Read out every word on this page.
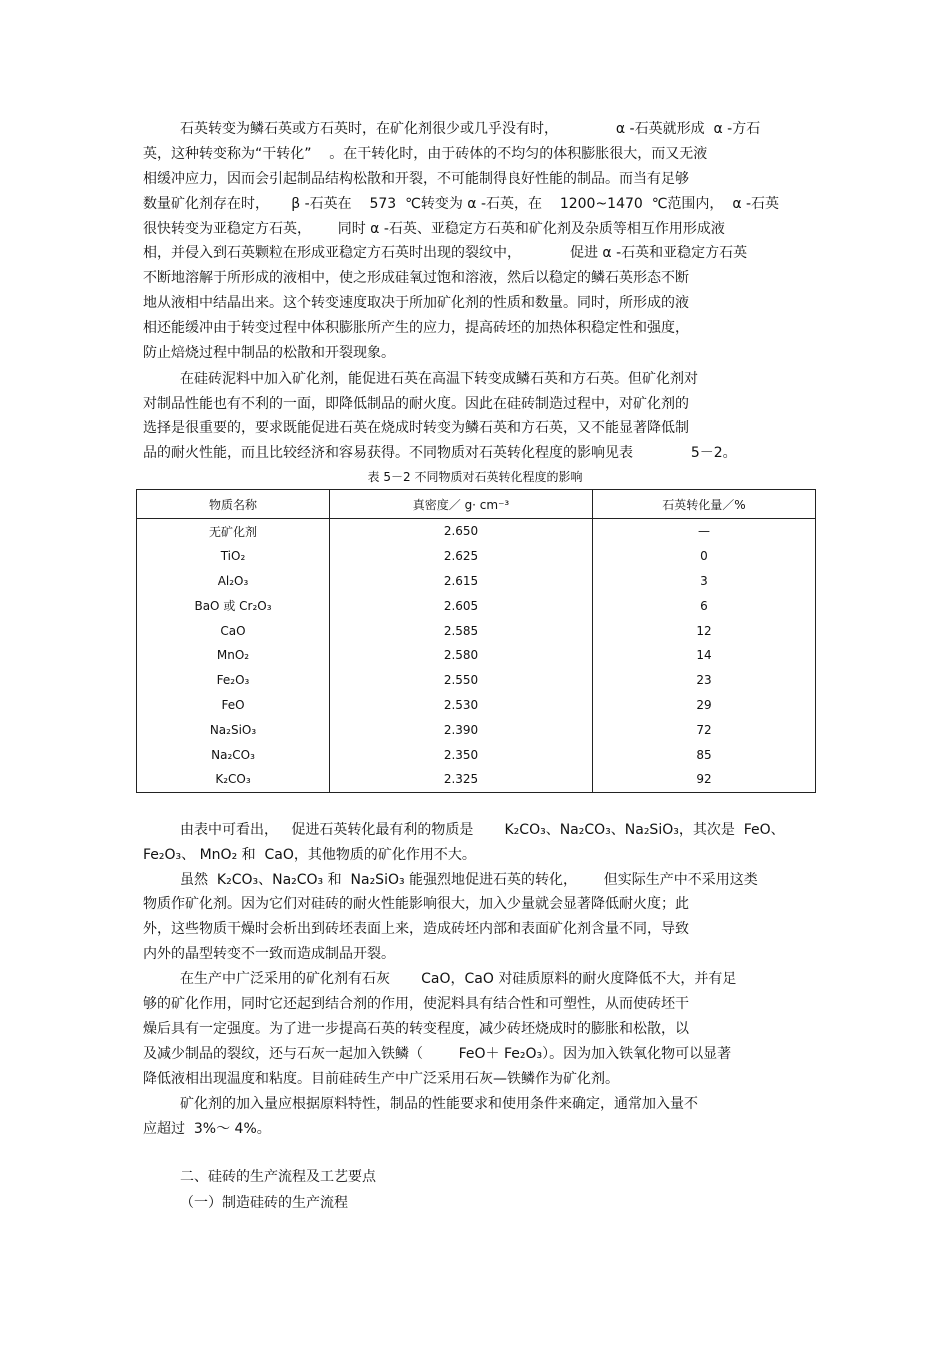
石英转变为鳞石英或方石英时，在矿化剂很少或几乎没有时，             α -石英就形成  α -方石
英，这种转变称为“干转化”    。在干转化时，由于砖体的不均匀的体积膨胀很大，而又无液
相缓冲应力，因而会引起制品结构松散和开裂，不可能制得良好性能的制品。而当有足够
数量矿化剂存在时，     β -石英在    573  ℃转变为 α -石英，在    1200~1470  ℃范围内，  α -石英
很快转变为亚稳定方石英，      同时 α -石英、亚稳定方石英和矿化剂及杂质等相互作用形成液
相，并侵入到石英颗粒在形成亚稳定方石英时出现的裂纹中，           促进 α -石英和亚稳定方石英
不断地溶解于所形成的液相中，使之形成硅氧过饱和溶液，然后以稳定的鳞石英形态不断
地从液相中结晶出来。这个转变速度取决于所加矿化剂的性质和数量。同时，所形成的液
相还能缓冲由于转变过程中体积膨胀所产生的应力，提高砖坯的加热体积稳定性和强度，
防止焙烧过程中制品的松散和开裂现象。
在硅砖泥料中加入矿化剂，能促进石英在高温下转变成鳞石英和方石英。但矿化剂对
对制品性能也有不利的一面，即降低制品的耐火度。因此在硅砖制造过程中，对矿化剂的
选择是很重要的，要求既能促进石英在烧成时转变为鳞石英和方石英，又不能显著降低制
品的耐火性能，而且比较经济和容易获得。不同物质对石英转化程度的影响见表             5－2。
表 5－2 不同物质对石英转化程度的影响
物质名称	真密度／ g· cm⁻³	石英转化量／%
无矿化剂	2.650	—
TiO₂	2.625	0
Al₂O₃	2.615	3
BaO 或 Cr₂O₃	2.605	6
CaO	2.585	12
MnO₂	2.580	14
Fe₂O₃	2.550	23
FeO	2.530	29
Na₂SiO₃	2.390	72
Na₂CO₃	2.350	85
K₂CO₃	2.325	92
由表中可看出，   促进石英转化最有利的物质是       K₂CO₃、Na₂CO₃、Na₂SiO₃，其次是  FeO、
Fe₂O₃、 MnO₂ 和  CaO，其他物质的矿化作用不大。
虽然  K₂CO₃、Na₂CO₃ 和  Na₂SiO₃ 能强烈地促进石英的转化，      但实际生产中不采用这类
物质作矿化剂。因为它们对硅砖的耐火性能影响很大，加入少量就会显著降低耐火度；此
外，这些物质干燥时会析出到砖坯表面上来，造成砖坯内部和表面矿化剂含量不同，导致
内外的晶型转变不一致而造成制品开裂。
在生产中广泛采用的矿化剂有石灰       CaO，CaO 对硅质原料的耐火度降低不大，并有足
够的矿化作用，同时它还起到结合剂的作用，使泥料具有结合性和可塑性，从而使砖坯干
燥后具有一定强度。为了进一步提高石英的转变程度，减少砖坯烧成时的膨胀和松散，以
及减少制品的裂纹，还与石灰一起加入铁鳞（        FeO＋ Fe₂O₃）。因为加入铁氧化物可以显著
降低液相出现温度和粘度。目前硅砖生产中广泛采用石灰—铁鳞作为矿化剂。
矿化剂的加入量应根据原料特性，制品的性能要求和使用条件来确定，通常加入量不
应超过  3%～ 4%。
二、硅砖的生产流程及工艺要点
（一）制造硅砖的生产流程
